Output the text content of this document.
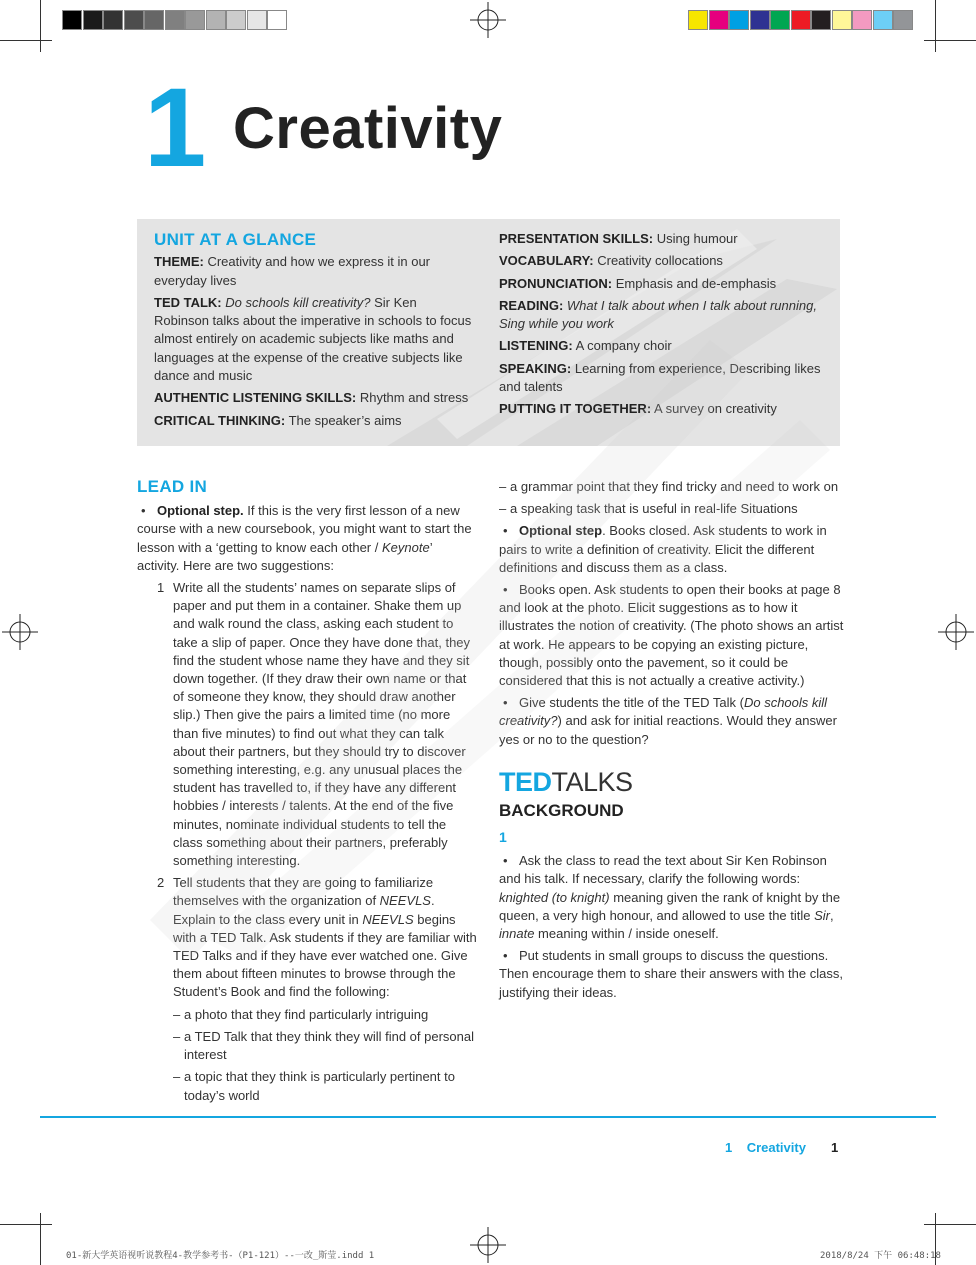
1 Creativity
UNIT AT A GLANCE

THEME: Creativity and how we express it in our everyday lives

TED TALK: Do schools kill creativity? Sir Ken Robinson talks about the imperative in schools to focus almost entirely on academic subjects like maths and languages at the expense of the creative subjects like dance and music

AUTHENTIC LISTENING SKILLS: Rhythm and stress

CRITICAL THINKING: The speaker’s aims

PRESENTATION SKILLS: Using humour

VOCABULARY: Creativity collocations

PRONUNCIATION: Emphasis and de-emphasis

READING: What I talk about when I talk about running, Sing while you work

LISTENING: A company choir

SPEAKING: Learning from experience, Describing likes and talents

PUTTING IT TOGETHER: A survey on creativity

LEAD IN

• Optional step. If this is the very first lesson of a new course with a new coursebook, you might want to start the lesson with a ‘getting to know each other / Keynote’ activity. Here are two suggestions:

1 Write all the students’ names on separate slips of paper and put them in a container. Shake them up and walk round the class, asking each student to take a slip of paper. Once they have done that, they find the student whose name they have and they sit down together. (If they draw their own name or that of someone they know, they should draw another slip.) Then give the pairs a limited time (no more than five minutes) to find out what they can talk about their partners, but they should try to discover something interesting, e.g. any unusual places the student has travelled to, if they have any different hobbies / interests / talents. At the end of the five minutes, nominate individual students to tell the class something about their partners, preferably something interesting.

2 Tell students that they are going to familiarize themselves with the organization of NEEVLS. Explain to the class every unit in NEEVLS begins with a TED Talk. Ask students if they are familiar with TED Talks and if they have ever watched one. Give them about fifteen minutes to browse through the Student’s Book and find the following:

– a photo that they find particularly intriguing

– a TED Talk that they think they will find of personal interest

– a topic that they think is particularly pertinent to today’s world

– a grammar point that they find tricky and need to work on

– a speaking task that is useful in real-life Situations

• Optional step. Books closed. Ask students to work in pairs to write a definition of creativity. Elicit the different definitions and discuss them as a class.

• Books open. Ask students to open their books at page 8 and look at the photo. Elicit suggestions as to how it illustrates the notion of creativity. (The photo shows an artist at work. He appears to be copying an existing picture, though, possibly onto the pavement, so it could be considered that this is not actually a creative activity.)

• Give students the title of the TED Talk (Do schools kill creativity?) and ask for initial reactions. Would they answer yes or no to the question?

TEDTALKS
BACKGROUND
1

• Ask the class to read the text about Sir Ken Robinson and his talk. If necessary, clarify the following words: knighted (to knight) meaning given the rank of knight by the queen, a very high honour, and allowed to use the title Sir, innate meaning within / inside oneself.

• Put students in small groups to discuss the questions. Then encourage them to share their answers with the class, justifying their ideas.

1 Creativity 1
01-新大学英语视听说教程4-教学参考书-（P1-121）--一改_斯莹.indd 1	2018/8/24 下午 06:48:18
